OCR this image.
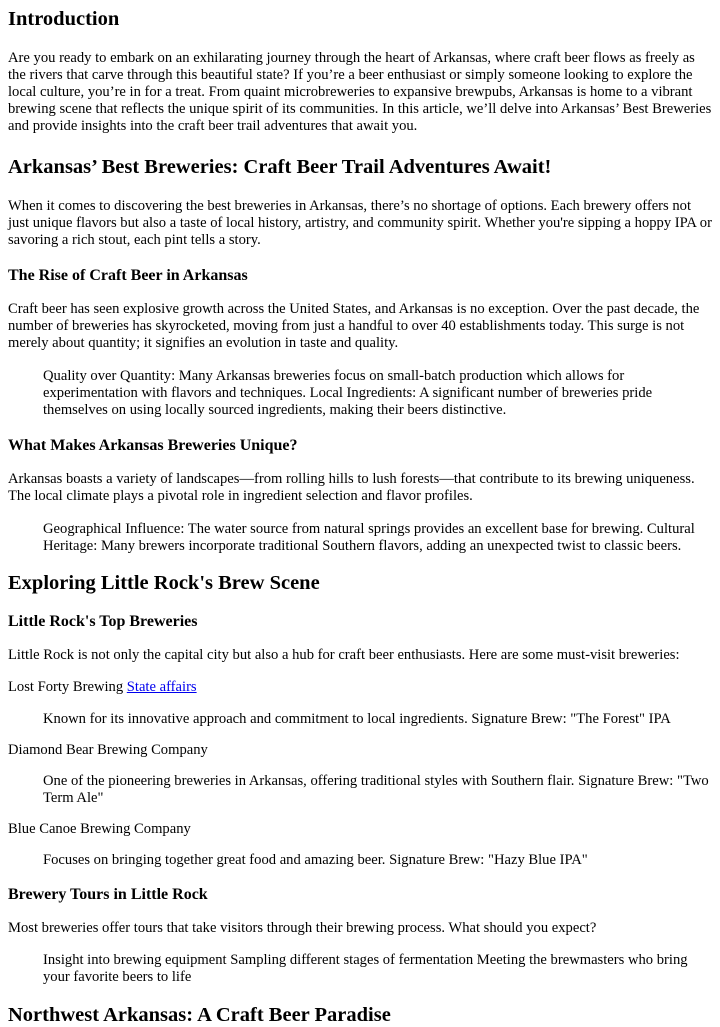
Introduction

Are you ready to embark on an exhilarating journey through the heart of Arkansas, where craft beer flows as freely as the rivers that carve through this beautiful state? If you’re a beer enthusiast or simply someone looking to explore the local culture, you’re in for a treat. From quaint microbreweries to expansive brewpubs, Arkansas is home to a vibrant brewing scene that reflects the unique spirit of its communities. In this article, we’ll delve into Arkansas’ Best Breweries and provide insights into the craft beer trail adventures that await you.

Arkansas’ Best Breweries: Craft Beer Trail Adventures Await!

When it comes to discovering the best breweries in Arkansas, there’s no shortage of options. Each brewery offers not just unique flavors but also a taste of local history, artistry, and community spirit. Whether you're sipping a hoppy IPA or savoring a rich stout, each pint tells a story.

The Rise of Craft Beer in Arkansas

Craft beer has seen explosive growth across the United States, and Arkansas is no exception. Over the past decade, the number of breweries has skyrocketed, moving from just a handful to over 40 establishments today. This surge is not merely about quantity; it signifies an evolution in taste and quality.

Quality over Quantity: Many Arkansas breweries focus on small-batch production which allows for experimentation with flavors and techniques. Local Ingredients: A significant number of breweries pride themselves on using locally sourced ingredients, making their beers distinctive.
What Makes Arkansas Breweries Unique?

Arkansas boasts a variety of landscapes—from rolling hills to lush forests—that contribute to its brewing uniqueness. The local climate plays a pivotal role in ingredient selection and flavor profiles.

Geographical Influence: The water source from natural springs provides an excellent base for brewing. Cultural Heritage: Many brewers incorporate traditional Southern flavors, adding an unexpected twist to classic beers.
Exploring Little Rock's Brew Scene
Little Rock's Top Breweries

Little Rock is not only the capital city but also a hub for craft beer enthusiasts. Here are some must-visit breweries:

Lost Forty Brewing State affairs

Known for its innovative approach and commitment to local ingredients. Signature Brew: "The Forest" IPA

Diamond Bear Brewing Company

One of the pioneering breweries in Arkansas, offering traditional styles with Southern flair. Signature Brew: "Two Term Ale"

Blue Canoe Brewing Company

Focuses on bringing together great food and amazing beer. Signature Brew: "Hazy Blue IPA"
Brewery Tours in Little Rock

Most breweries offer tours that take visitors through their brewing process. What should you expect?

Insight into brewing equipment Sampling different stages of fermentation Meeting the brewmasters who bring your favorite beers to life
Northwest Arkansas: A Craft Beer Paradise
